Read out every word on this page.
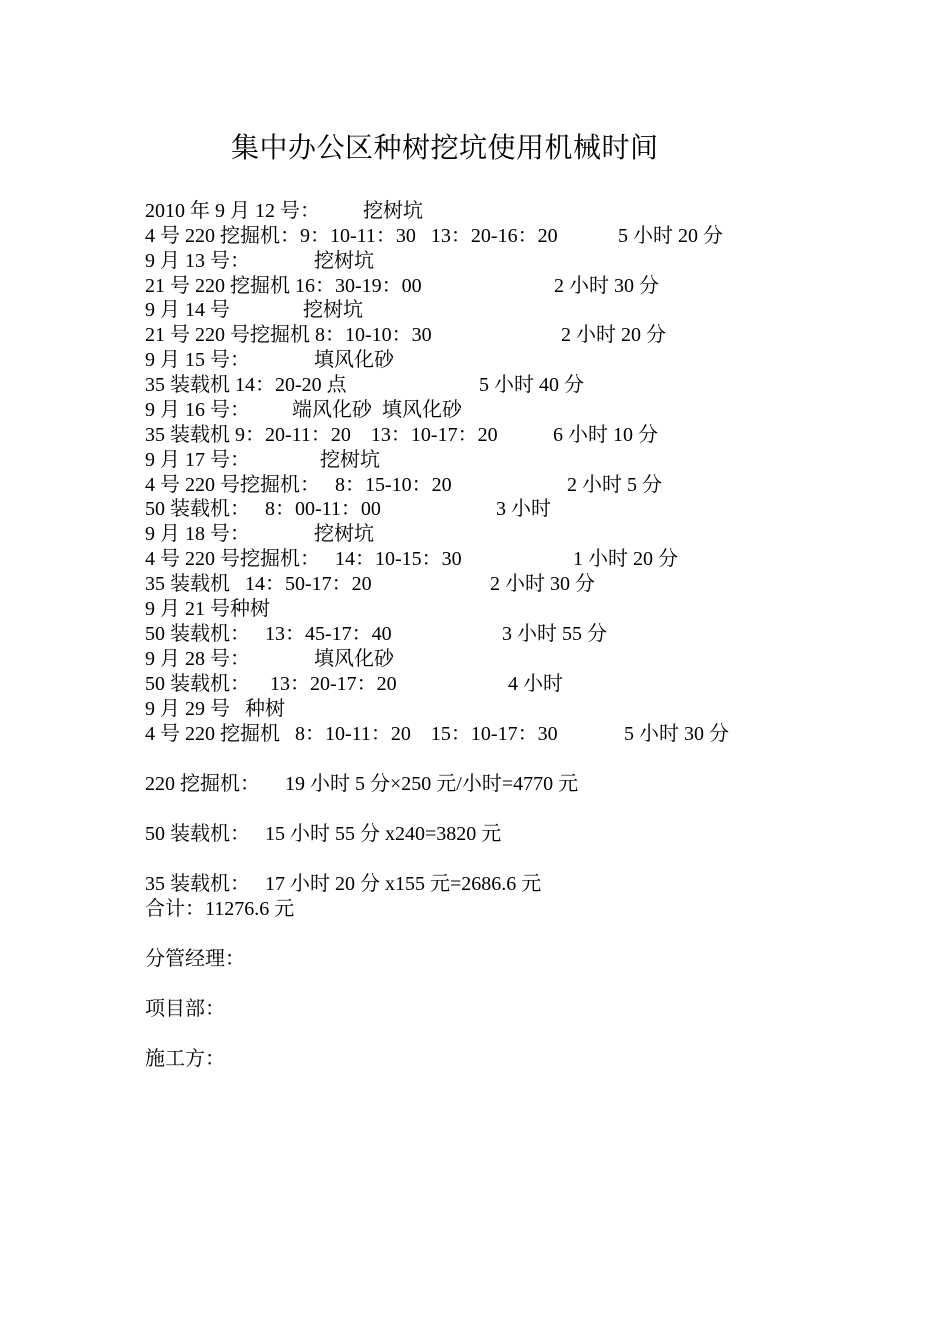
集中办公区种树挖坑使用机械时间

2010 年 9 月 12 号：

挖树坑

4 号 220 挖掘机：9：10-11：30   13：20-16：20

	5 小时 20 分

9 月 13 号：

	挖树坑

21 号 220 挖掘机 16：30-19：00

	2 小时 30 分

9 月 14 号

	挖树坑

21 号 220 号挖掘机 8：10-10：30

	2 小时 20 分

9 月 15 号：

	填风化砂

35 装载机 14：20-20 点

	5 小时 40 分

9 月 16 号：

端风化砂  填风化砂

35 装载机 9：20-11：20    13：10-17：20

	6 小时 10 分

9 月 17 号：

	挖树坑

4 号 220 号挖掘机：   8：15-10：20

	2 小时 5 分

50 装载机：   8：00-11：00

	3 小时

9 月 18 号：

	挖树坑

4 号 220 号挖掘机：   14：10-15：30

	1 小时 20 分

35 装载机   14：50-17：20

	2 小时 30 分

9 月 21 号种树

50 装载机：   13：45-17：40

	3 小时 55 分

9 月 28 号：

	填风化砂

50 装载机：    13：20-17：20

	4 小时

9 月 29 号   种树

4 号 220 挖掘机   8：10-11：20    15：10-17：30

	5 小时 30 分

220 挖掘机：     19 小时 5 分×250 元/小时=4770 元
50 装载机：   15 小时 55 分 x240=3820 元
35 装载机：   17 小时 20 分 x155 元=2686.6 元
合计：11276.6 元
分管经理：
项目部：
施工方：
